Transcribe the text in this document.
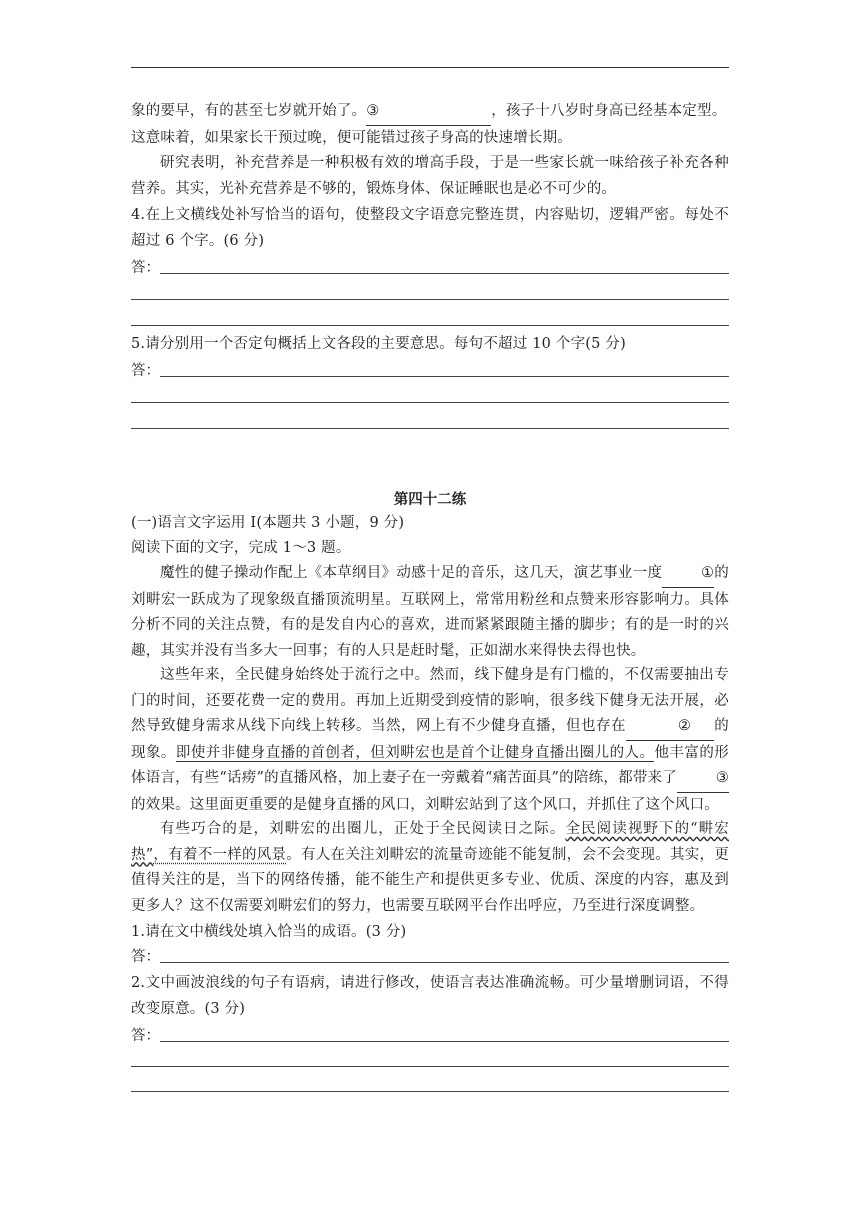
象的要早，有的甚至七岁就开始了。③	，孩子十八岁时身高已经基本定型。
这意味着，如果家长干预过晚，便可能错过孩子身高的快速增长期。
研究表明，补充营养是一种积极有效的增高手段，于是一些家长就一味给孩子补充各种营养。其实，光补充营养是不够的，锻炼身体、保证睡眠也是必不可少的。
4.在上文横线处补写恰当的语句，使整段文字语意完整连贯，内容贴切，逻辑严密。每处不超过 6 个字。(6 分)
答：
5.请分别用一个否定句概括上文各段的主要意思。每句不超过 10 个字(5 分)
答：
第四十二练
(一)语言文字运用 Ⅰ(本题共 3 小题，9 分)
阅读下面的文字，完成 1～3 题。
魔性的健子操动作配上《本草纲目》动感十足的音乐，这几天，演艺事业一度	①的刘畊宏一跃成为了现象级直播顶流明星。互联网上，常常用粉丝和点赞来形容影响力。具体分析不同的关注点赞，有的是发自内心的喜欢，进而紧紧跟随主播的脚步；有的是一时的兴趣，其实并没有当多大一回事；有的人只是赶时髦，正如湖水来得快去得也快。
这些年来，全民健身始终处于流行之中。然而，线下健身是有门槛的，不仅需要抽出专门的时间，还要花费一定的费用。再加上近期受到疫情的影响，很多线下健身无法开展，必然导致健身需求从线下向线上转移。当然，网上有不少健身直播，但也存在	② 的现象。即使并非健身直播的首创者，但刘畊宏也是首个让健身直播出圈儿的人。他丰富的形体语言，有些“话痨”的直播风格，加上妻子在一旁戴着“痛苦面具”的陪练，都带来了	③的效果。这里面更重要的是健身直播的风口，刘畊宏站到了这个风口，并抓住了这个风口。
有些巧合的是，刘畊宏的出圈儿，正处于全民阅读日之际。全民阅读视野下的“畊宏热”，有着不一样的风景。有人在关注刘畊宏的流量奇迹能不能复制，会不会变现。其实，更值得关注的是，当下的网络传播，能不能生产和提供更多专业、优质、深度的内容，惠及到更多人？这不仅需要刘畊宏们的努力，也需要互联网平台作出呼应，乃至进行深度调整。
1.请在文中横线处填入恰当的成语。(3 分)
答：
2.文中画波浪线的句子有语病，请进行修改，使语言表达准确流畅。可少量增删词语，不得改变原意。(3 分)
答：
